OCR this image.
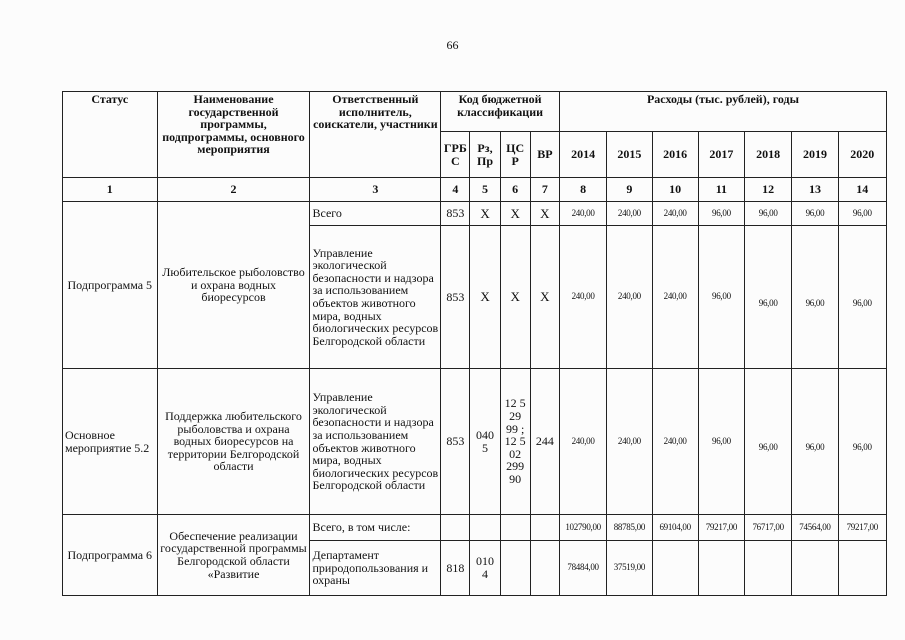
66
Статус	Наименование государственной программы, подпрограммы, основного мероприятия	Ответственный исполнитель, соискатели, участники	Код бюджетной классификации				Расходы (тыс. рублей), годы						
			ГРБ С	Рз, Пр	ЦС Р	ВР	2014	2015	2016	2017	2018	2019	2020
1	2	3	4	5	6	7	8	9	10	11	12	13	14
Подпрограмма 5	Любительское рыболовство и охрана водных биоресурсов	Всего	853	Х	Х	Х	240,00	240,00	240,00	96,00	96,00	96,00	96,00
		Управление экологической безопасности и надзора за использованием объектов животного мира, водных биологических ресурсов Белгородской области	853	Х	Х	Х	240,00	240,00	240,00	96,00	96,00	96,00	96,00
Основное мероприятие 5.2	Поддержка любительского рыболовства и охрана водных биоресурсов на территории Белгородской области	Управление экологической безопасности и надзора за использованием объектов животного мира, водных биологических ресурсов Белгородской области	853	040 5	12 5 29 99 ; 12 5 02 299 90	244	240,00	240,00	240,00	96,00	96,00	96,00	96,00
Подпрограмма 6	Обеспечение реализации государственной программы Белгородской области «Развитие	Всего, в том числе:					102790,00	88785,00	69104,00	79217,00	76717,00	74564,00	79217,00
		Департамент природопользования и охраны	818	010 4			78484,00	37519,00					
